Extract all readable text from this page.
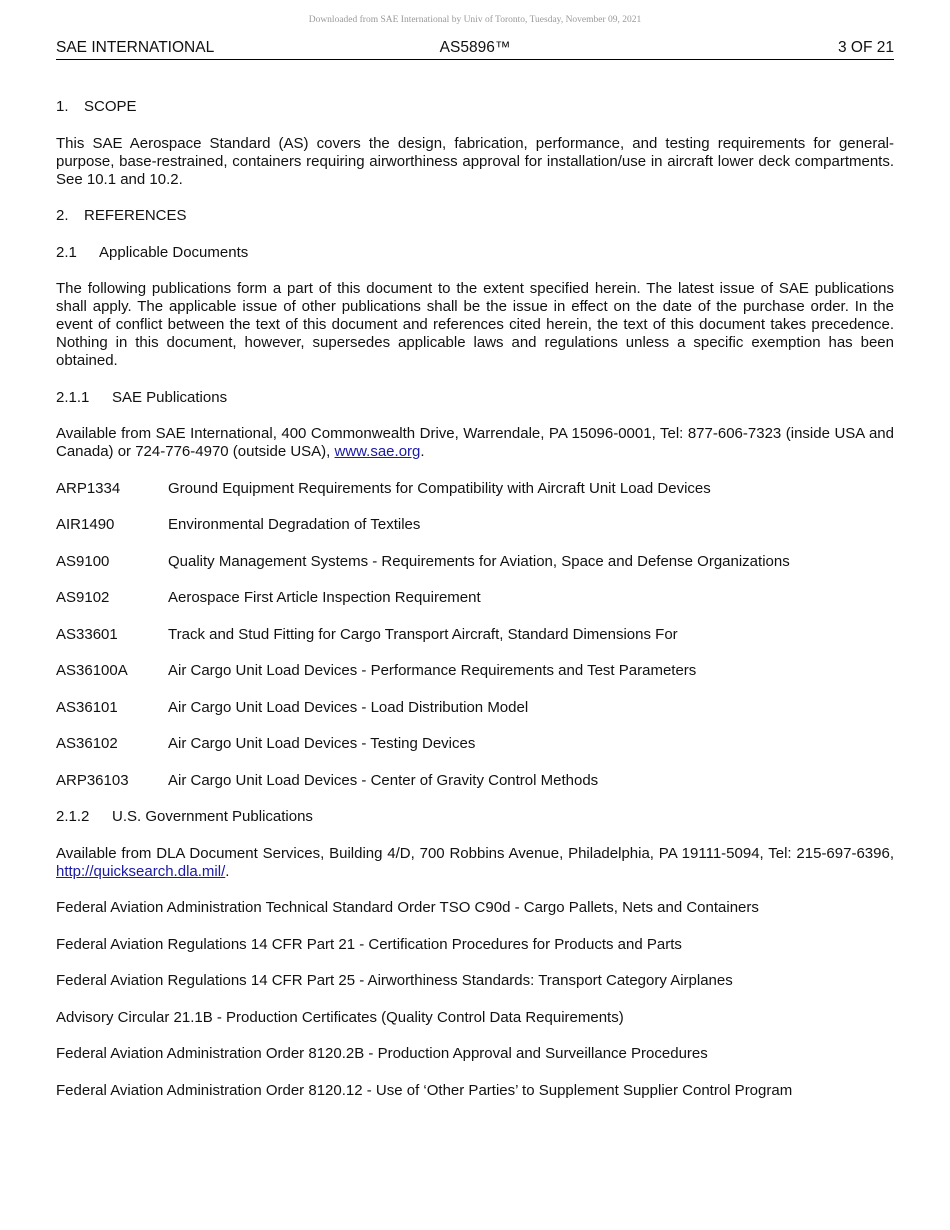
Downloaded from SAE International by Univ of Toronto, Tuesday, November 09, 2021
SAE INTERNATIONAL	AS5896™	3 OF 21
1. SCOPE
This SAE Aerospace Standard (AS) covers the design, fabrication, performance, and testing requirements for general-purpose, base-restrained, containers requiring airworthiness approval for installation/use in aircraft lower deck compartments. See 10.1 and 10.2.
2. REFERENCES
2.1 Applicable Documents
The following publications form a part of this document to the extent specified herein. The latest issue of SAE publications shall apply. The applicable issue of other publications shall be the issue in effect on the date of the purchase order. In the event of conflict between the text of this document and references cited herein, the text of this document takes precedence. Nothing in this document, however, supersedes applicable laws and regulations unless a specific exemption has been obtained.
2.1.1 SAE Publications
Available from SAE International, 400 Commonwealth Drive, Warrendale, PA 15096-0001, Tel: 877-606-7323 (inside USA and Canada) or 724-776-4970 (outside USA), www.sae.org.
ARP1334	Ground Equipment Requirements for Compatibility with Aircraft Unit Load Devices
AIR1490	Environmental Degradation of Textiles
AS9100	Quality Management Systems - Requirements for Aviation, Space and Defense Organizations
AS9102	Aerospace First Article Inspection Requirement
AS33601	Track and Stud Fitting for Cargo Transport Aircraft, Standard Dimensions For
AS36100A	Air Cargo Unit Load Devices - Performance Requirements and Test Parameters
AS36101	Air Cargo Unit Load Devices - Load Distribution Model
AS36102	Air Cargo Unit Load Devices - Testing Devices
ARP36103	Air Cargo Unit Load Devices - Center of Gravity Control Methods
2.1.2 U.S. Government Publications
Available from DLA Document Services, Building 4/D, 700 Robbins Avenue, Philadelphia, PA 19111-5094, Tel: 215-697-6396, http://quicksearch.dla.mil/.
Federal Aviation Administration Technical Standard Order TSO C90d - Cargo Pallets, Nets and Containers
Federal Aviation Regulations 14 CFR Part 21 - Certification Procedures for Products and Parts
Federal Aviation Regulations 14 CFR Part 25 - Airworthiness Standards: Transport Category Airplanes
Advisory Circular 21.1B - Production Certificates (Quality Control Data Requirements)
Federal Aviation Administration Order 8120.2B - Production Approval and Surveillance Procedures
Federal Aviation Administration Order 8120.12 - Use of ‘Other Parties’ to Supplement Supplier Control Program
